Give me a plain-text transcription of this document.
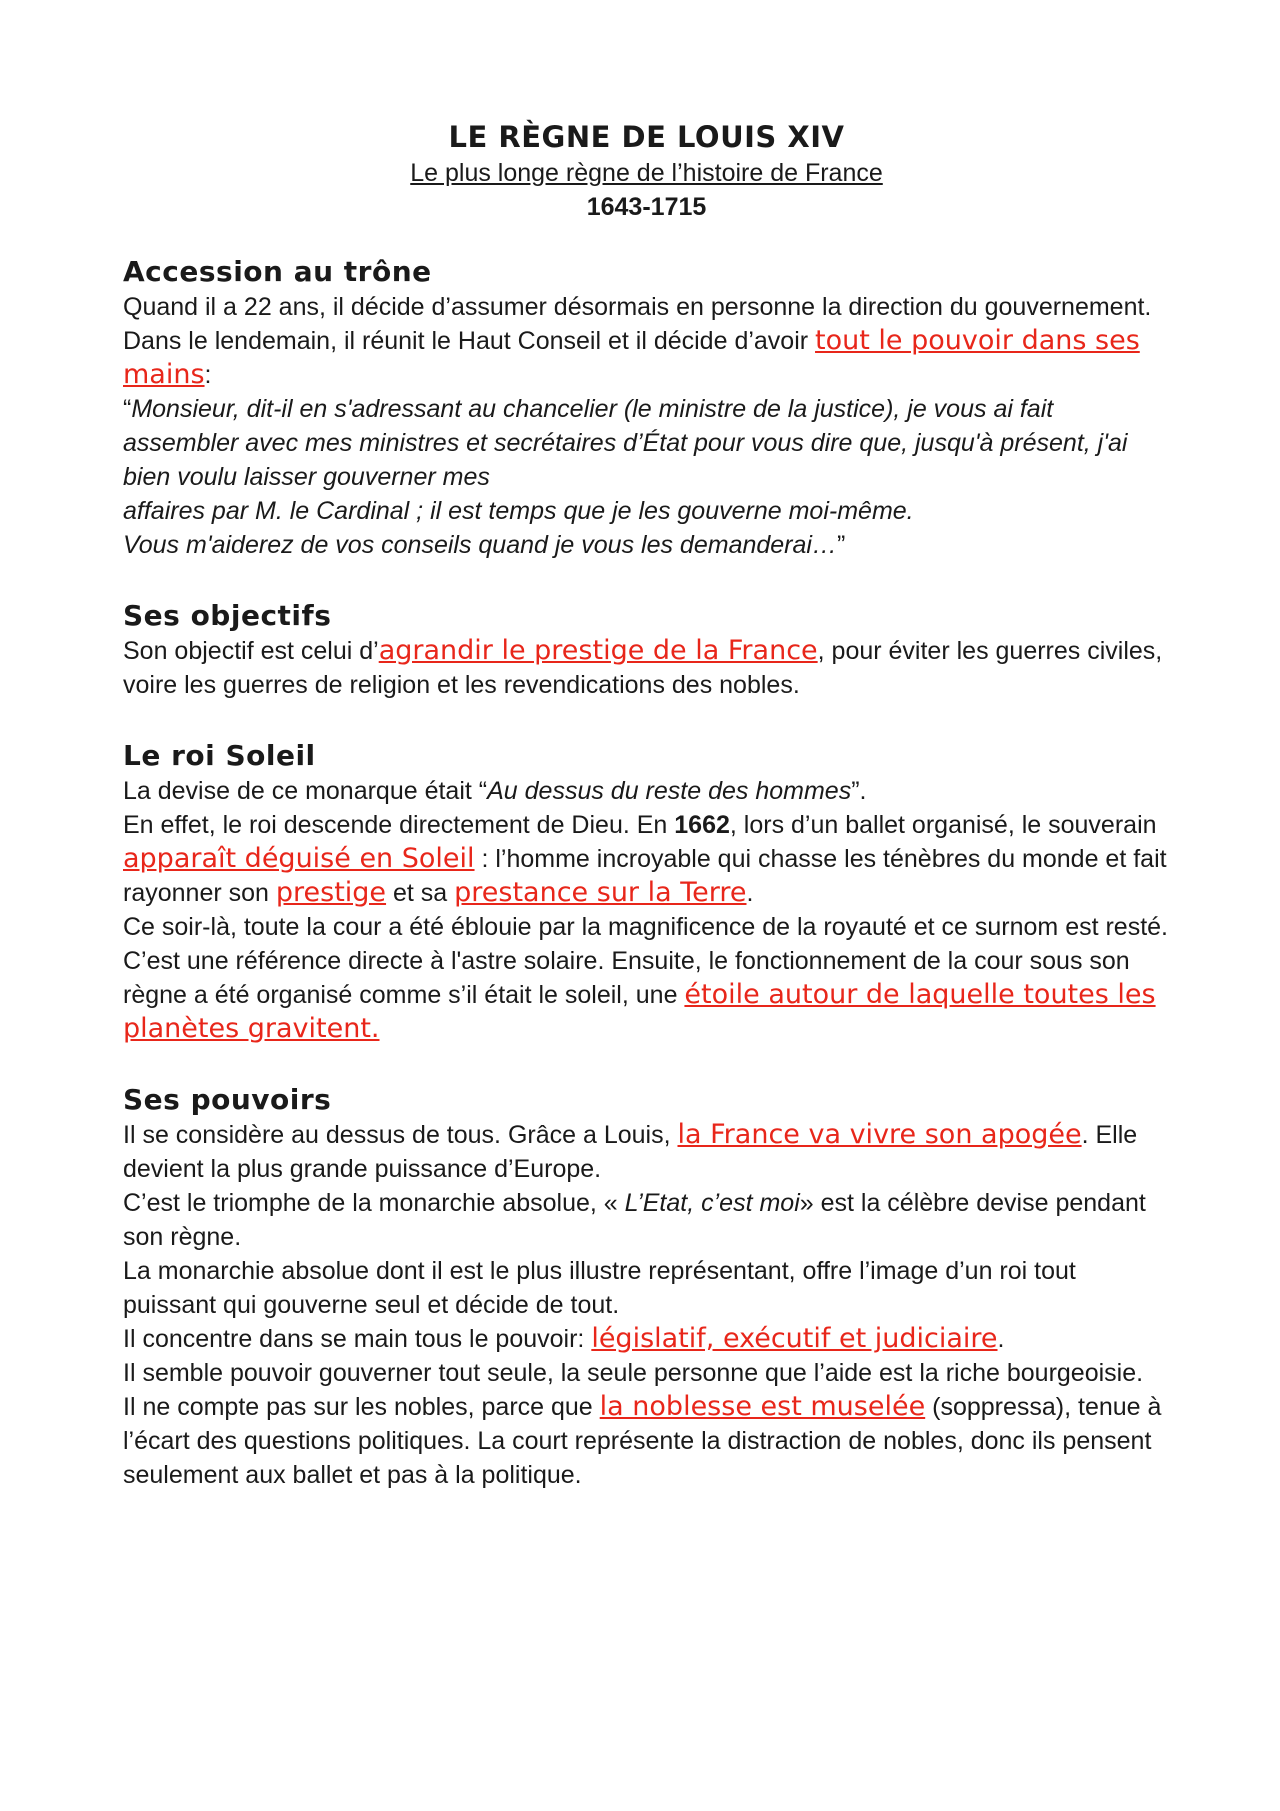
LE RÈGNE DE LOUIS XIV

Le plus longe règne de l’histoire de France

1643-1715

Accession au trône

Quand il a 22 ans, il décide d’assumer désormais en personne la direction du gouvernement.

Dans le lendemain, il réunit le Haut Conseil et il décide d’avoir tout le pouvoir dans ses mains:

“Monsieur, dit-il en s'adressant au chancelier (le ministre de la justice), je vous ai fait assembler avec mes ministres et secrétaires d’État pour vous dire que, jusqu'à présent, j'ai bien voulu laisser gouverner mes

affaires par M. le Cardinal ; il est temps que je les gouverne moi-même.

Vous m'aiderez de vos conseils quand je vous les demanderai…”

Ses objectifs

Son objectif est celui d’agrandir le prestige de la France, pour éviter les guerres civiles, voire les guerres de religion et les revendications des nobles.

Le roi Soleil

La devise de ce monarque était “Au dessus du reste des hommes”.

En effet, le roi descende directement de Dieu. En 1662, lors d’un ballet organisé, le souverain apparaît déguisé en Soleil : l’homme incroyable qui chasse les ténèbres du monde et fait rayonner son prestige et sa prestance sur la Terre.

Ce soir-là, toute la cour a été éblouie par la magnificence de la royauté et ce surnom est resté.

C’est une référence directe à l'astre solaire. Ensuite, le fonctionnement de la cour sous son règne a été organisé comme s’il était le soleil, une étoile autour de laquelle toutes les planètes gravitent.

Ses pouvoirs

Il se considère au dessus de tous. Grâce a Louis, la France va vivre son apogée. Elle devient la plus grande puissance d’Europe.

C’est le triomphe de la monarchie absolue, « L’Etat, c’est moi» est la célèbre devise pendant son règne.

La monarchie absolue dont il est le plus illustre représentant, offre l’image d’un roi tout puissant qui gouverne seul et décide de tout.

Il concentre dans se main tous le pouvoir: législatif, exécutif et judiciaire.

Il semble pouvoir gouverner tout seule, la seule personne que l’aide est la riche bourgeoisie.

Il ne compte pas sur les nobles, parce que la noblesse est muselée (soppressa), tenue à l’écart des questions politiques. La court représente la distraction de nobles, donc ils pensent seulement aux ballet et pas à la politique.
